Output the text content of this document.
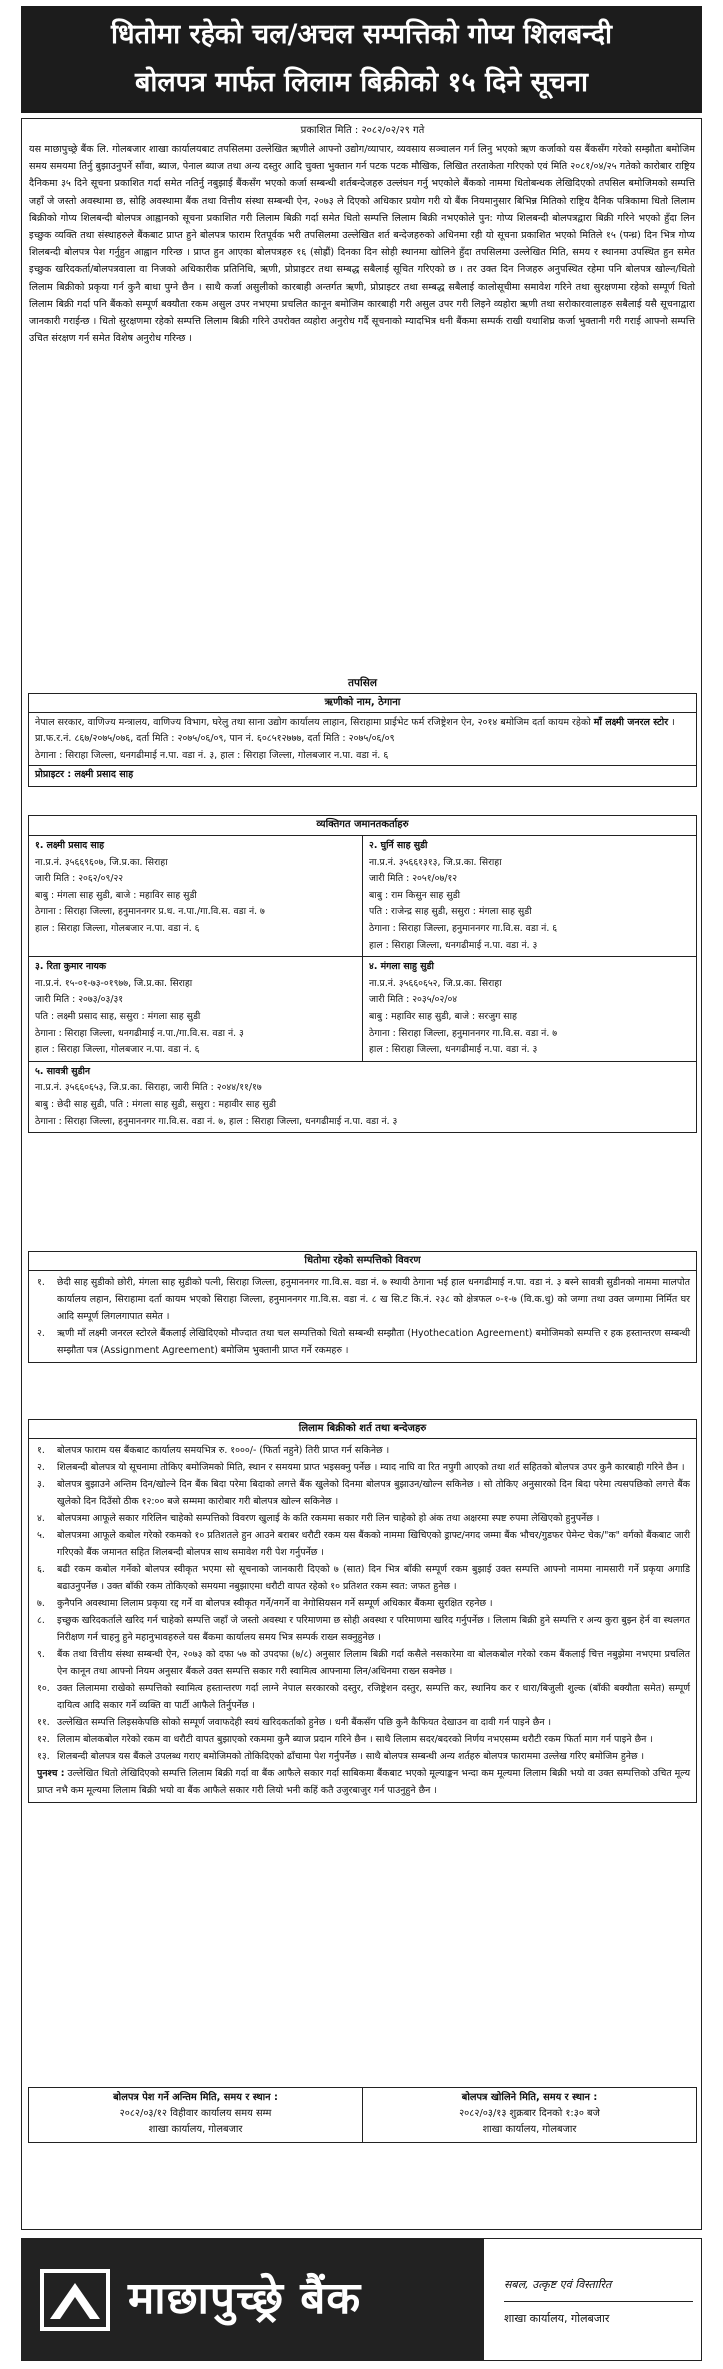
धितोमा रहेको चल/अचल सम्पत्तिको गोप्य शिलबन्दी
बोलपत्र मार्फत लिलाम बिक्रीको १५ दिने सूचना
प्रकाशित मिति : २०८२/०२/२९ गते
यस माछापुच्छ्रे बैंक लि. गोलबजार शाखा कार्यालयबाट तपसिलमा उल्लेखित ऋणीले आफ्नो उद्योग/व्यापार, व्यवसाय सञ्चालन गर्न लिनु भएको ऋण कर्जाको यस बैंकसँग गरेको सम्झौता बमोजिम समय समयमा तिर्नु बुझाउनुपर्ने साँवा, ब्याज, पेनाल ब्याज तथा अन्य दस्तुर आदि चुक्ता भुक्तान गर्न पटक पटक मौखिक, लिखित तरताकेता गरिएको एवं मिति २०८१/०४/२५ गतेको कारोबार राष्ट्रिय दैनिकमा ३५ दिने सूचना प्रकाशित गर्दा समेत नतिर्नु नबुझाई बैंकसँग भएको कर्जा सम्बन्धी शर्तबन्देजहरु उल्लंघन गर्नु भएकोले बैंकको नाममा धितोबन्धक लेखिदिएको तपसिल बमोजिमको सम्पत्ति जहाँ जे जस्तो अवस्थामा छ, सोहि अवस्थामा बैंक तथा वित्तीय संस्था सम्बन्धी ऐन, २०७३ ले दिएको अधिकार प्रयोग गरी यो बैंक नियमानुसार बिभिन्न मितिको राष्ट्रिय दैनिक पत्रिकामा धितो लिलाम बिक्रीको गोप्य शिलबन्दी बोलपत्र आह्वानको सूचना प्रकाशित गरी लिलाम बिक्री गर्दा समेत धितो सम्पत्ति लिलाम बिक्री नभएकोले पुन: गोप्य शिलबन्दी बोलपत्रद्वारा बिक्री गरिने भएको हुँदा लिन इच्छुक व्यक्ति तथा संस्थाहरुले बैंकबाट प्राप्त हुने बोलपत्र फाराम रितपूर्वक भरी तपसिलमा उल्लेखित शर्त बन्देजहरुको अधिनमा रही यो सूचना प्रकाशित भएको मितिले १५ (पन्ध्र) दिन भित्र गोप्य शिलबन्दी बोलपत्र पेश गर्नुहुन आह्वान गरिन्छ । प्राप्त हुन आएका बोलपत्रहरु १६ (सोह्रौं) दिनका दिन सोही स्थानमा खोलिने हुँदा तपसिलमा उल्लेखित मिति, समय र स्थानमा उपस्थित हुन समेत इच्छुक खरिदकर्ता/बोलपत्रवाला वा निजको अधिकारीक प्रतिनिधि, ऋणी, प्रोप्राइटर तथा सम्बद्ध सबैलाई सूचित गरिएको छ । तर उक्त दिन निजहरु अनुपस्थित रहेमा पनि बोलपत्र खोल्न/धितो लिलाम बिक्रीको प्रकृया गर्न कुनै बाधा पुग्ने छैन । साथै कर्जा असुलीको कारबाही अन्तर्गत ऋणी, प्रोप्राइटर तथा सम्बद्ध सबैलाई कालोसूचीमा समावेश गरिने तथा सुरक्षणमा रहेको सम्पूर्ण धितो लिलाम बिक्री गर्दा पनि बैंकको सम्पूर्ण बक्यौता रकम असुल उपर नभएमा प्रचलित कानून बमोजिम कारबाही गरी असुल उपर गरी लिइने व्यहोरा ऋणी तथा सरोकारवालाहरु सबैलाई यसै सूचनाद्वारा जानकारी गराईन्छ । धितो सुरक्षणमा रहेको सम्पत्ति लिलाम बिक्री गरिने उपरोक्त व्यहोरा अनुरोध गर्दै सूचनाको म्यादभित्र धनी बैंकमा सम्पर्क राखी यथाशिघ्र कर्जा भुक्तानी गरी गराई आफ्नो सम्पत्ति उचित संरक्षण गर्न समेत विशेष अनुरोध गरिन्छ ।
तपसिल
ऋणीको नाम, ठेगाना
नेपाल सरकार, वाणिज्य मन्त्रालय, वाणिज्य विभाग, घरेलु तथा साना उद्योग कार्यालय लाहान, सिराहामा प्राईभेट फर्म रजिष्ट्रेशन ऐन, २०१४ बमोजिम दर्ता कायम रहेको माँ लक्ष्मी जनरल स्टोर ।
प्रा.फ.र.नं. ८६७/२०७५/०७६, दर्ता मिति : २०७५/०६/०९, पान नं. ६०८५१२७७७, दर्ता मिति : २०७५/०६/०९
ठेगाना : सिराहा जिल्ला, धनगढीमाई न.पा. वडा नं. ३, हाल : सिराहा जिल्ला, गोलबजार न.पा. वडा नं. ६
प्रोप्राइटर : लक्ष्मी प्रसाद साह
व्यक्तिगत जमानतकर्ताहरु
१. लक्ष्मी प्रसाद साह
ना.प्र.नं. ३५६६९६०७, जि.प्र.का. सिराहा
जारी मिति : २०६२/०९/२२
बाबु : मंगला साह सुडी, बाजे : महाविर साह सुडी
ठेगाना : सिराहा जिल्ला, हनुमाननगर प्र.ध. न.पा./गा.वि.स. वडा नं. ७
हाल : सिराहा जिल्ला, गोलबजार न.पा. वडा नं. ६
२. घुर्नि साह सुडी
ना.प्र.नं. ३५६६१३१३, जि.प्र.का. सिराहा
जारी मिति : २०५१/०७/१२
बाबु : राम किसुन साह सुडी
पति : राजेन्द्र साह सुडी, ससुरा : मंगला साह सुडी
ठेगाना : सिराहा जिल्ला, हनुमाननगर गा.वि.स. वडा नं. ६
हाल : सिराहा जिल्ला, धनगढीमाई न.पा. वडा नं. ३
३. रिता कुमार नायक
ना.प्र.नं. १५-०१-७३-०१९७७, जि.प्र.का. सिराहा
जारी मिति : २०७३/०३/३१
पति : लक्ष्मी प्रसाद साह, ससुरा : मंगला साह सुडी
ठेगाना : सिराहा जिल्ला, धनगढीमाई न.पा./गा.वि.स. वडा नं. ३
हाल : सिराहा जिल्ला, गोलबजार न.पा. वडा नं. ६
४. मंगला साहु सुडी
ना.प्र.नं. ३५६६०६५२, जि.प्र.का. सिराहा
जारी मिति : २०३५/०२/०४
बाबु : महाविर साह सुडी, बाजे : सरजुग साह
ठेगाना : सिराहा जिल्ला, हनुमाननगर गा.वि.स. वडा नं. ७
हाल : सिराहा जिल्ला, धनगढीमाई न.पा. वडा नं. ३
५. सावत्री सुडीन
ना.प्र.नं. ३५६६०६५३, जि.प्र.का. सिराहा, जारी मिति : २०४४/११/१७
बाबु : छेदी साह सुडी, पति : मंगला साह सुडी, ससुरा : महावीर साह सुडी
ठेगाना : सिराहा जिल्ला, हनुमाननगर गा.वि.स. वडा नं. ७, हाल : सिराहा जिल्ला, धनगढीमाई न.पा. वडा नं. ३
धितोमा रहेको सम्पत्तिको विवरण
१.	छेदी साह सुडीको छोरी, मंगला साह सुडीको पत्नी, सिराहा जिल्ला, हनुमाननगर गा.वि.स. वडा नं. ७ स्थायी ठेगाना भई हाल धनगढीमाई न.पा. वडा नं. ३ बस्ने सावत्री सुडीनको नाममा मालपोत कार्यालय लहान, सिराहामा दर्ता कायम भएको सिराहा जिल्ला, हनुमाननगर गा.वि.स. वडा नं. ८ ख सि.ट कि.नं. २३८ को क्षेत्रफल ०-१-७ (वि.क.धु) को जग्गा तथा उक्त जग्गामा निर्मित घर आदि सम्पूर्ण लिगलगापात समेत ।
२.	ऋणी माँ लक्ष्मी जनरल स्टोरले बैंकलाई लेखिदिएको मौज्दात तथा चल सम्पत्तिको धितो सम्बन्धी सम्झौता (Hyothecation Agreement) बमोजिमको सम्पत्ति र हक हस्तान्तरण सम्बन्धी सम्झौता पत्र (Assignment Agreement) बमोजिम भुक्तानी प्राप्त गर्ने रकमहरु ।
लिलाम बिक्रीको शर्त तथा बन्देजहरु
१.	बोलपत्र फाराम यस बैंकबाट कार्यालय समयभित्र रु. १०००/- (फिर्ता नहुने) तिरी प्राप्त गर्न सकिनेछ ।
२.	शिलबन्दी बोलपत्र यो सूचनामा तोकिए बमोजिमको मिति, स्थान र समयमा प्राप्त भइसक्नु पर्नेछ । म्याद नाघि वा रित नपुगी आएको तथा शर्त सहितको बोलपत्र उपर कुनै कारबाही गरिने छैन ।
३.	बोलपत्र बुझाउने अन्तिम दिन/खोल्ने दिन बैंक बिदा परेमा बिदाको लगत्ते बैंक खुलेको दिनमा बोलपत्र बुझाउन/खोल्न सकिनेछ । सो तोकिए अनुसारको दिन बिदा परेमा त्यसपछिको लगत्ते बैंक खुलेको दिन दिउँसो ठीक १२:०० बजे सम्ममा कारोबार गरी बोलपत्र खोल्न सकिनेछ ।
४.	बोलपत्रमा आफूले सकार गरिलिन चाहेको सम्पत्तिको विवरण खुलाई के कति रकममा सकार गरी लिन चाहेको हो अंक तथा अक्षरमा स्पष्ट रुपमा लेखिएको हुनुपर्नेछ ।
५.	बोलपत्रमा आफूले कबोल गरेको रकमको १० प्रतिशतले हुन आउने बराबर धरौटी रकम यस बैंकको नाममा खिचिएको ड्राफ्ट/नगद जम्मा बैंक भौचर/गुडफर पेमेन्ट चेक/"क" वर्गको बैंकबाट जारी गरिएको बैंक जमानत सहित शिलबन्दी बोलपत्र साथ समावेश गरी पेश गर्नुपर्नेछ ।
६.	बढी रकम कबोल गर्नेको बोलपत्र स्वीकृत भएमा सो सूचनाको जानकारी दिएको ७ (सात) दिन भित्र बाँकी सम्पूर्ण रकम बुझाई उक्त सम्पत्ति आफ्नो नाममा नामसारी गर्ने प्रकृया अगाडि बढाउनुपर्नेछ । उक्त बाँकी रकम तोकिएको समयमा नबुझाएमा धरौटी वापत रहेको १० प्रतिशत रकम स्वत: जफत हुनेछ ।
७.	कुनैपनि अवस्थामा लिलाम प्रकृया रद्द गर्ने वा बोलपत्र स्वीकृत गर्ने/नगर्ने वा नेगोसियसन गर्ने सम्पूर्ण अधिकार बैंकमा सुरक्षित रहनेछ ।
८.	इच्छुक खरिदकर्ताले खरिद गर्न चाहेको सम्पत्ति जहाँ जे जस्तो अवस्था र परिमाणमा छ सोही अवस्था र परिमाणमा खरिद गर्नुपर्नेछ । लिलाम बिक्री हुने सम्पत्ति र अन्य कुरा बुझ्न हेर्न वा स्थलगत निरीक्षण गर्न चाहनु हुने महानुभावहरुले यस बैंकमा कार्यालय समय भित्र सम्पर्क राख्न सक्नुहुनेछ ।
९.	बैंक तथा वित्तीय संस्था सम्बन्धी ऐन, २०७३ को दफा ५७ को उपदफा (७/८) अनुसार लिलाम बिक्री गर्दा कसैले नसकारेमा वा बोलकबोल गरेको रकम बैंकलाई चित्त नबुझेमा नभएमा प्रचलित ऐन कानून तथा आफ्नो नियम अनुसार बैंकले उक्त सम्पत्ति सकार गरी स्वामित्व आफ्नामा लिन/अधिनमा राख्न सक्नेछ ।
१०. उक्त लिलाममा राखेको सम्पत्तिको स्वामित्व हस्तान्तरण गर्दा लाग्ने नेपाल सरकारको दस्तुर, रजिष्ट्रेशन दस्तुर, सम्पत्ति कर, स्थानिय कर र धारा/बिजुली शुल्क (बाँकी बक्यौता समेत) सम्पूर्ण दायित्व आदि सकार गर्ने व्यक्ति वा पार्टी आफैले तिर्नुपर्नेछ ।
११. उल्लेखित सम्पत्ति लिइसकेपछि सोको सम्पूर्ण जवाफदेही स्वयं खरिदकर्ताको हुनेछ । धनी बैंकसँग पछि कुनै कैफियत देखाउन वा दावी गर्न पाइने छैन ।
१२. लिलाम बोलकबोल गरेको रकम वा धरौटी वापत बुझाएको रकममा कुनै ब्याज प्रदान गरिने छैन । साथै लिलाम सदर/बदरको निर्णय नभएसम्म धरौटी रकम फिर्ता माग गर्न पाइने छैन ।
१३. शिलबन्दी बोलपत्र यस बैंकले उपलब्ध गराए बमोजिमको तोकिदिएको ढाँचामा पेश गर्नुपर्नेछ । साथै बोलपत्र सम्बन्धी अन्य शर्तहरु बोलपत्र फाराममा उल्लेख गरिए बमोजिम हुनेछ ।
पुनश्च : उल्लेखित धितो लेखिदिएको सम्पत्ति लिलाम बिक्री गर्दा वा बैंक आफैले सकार गर्दा साबिकमा बैंकबाट भएको मूल्याङ्कन भन्दा कम मूल्यमा लिलाम बिक्री भयो वा उक्त सम्पत्तिको उचित मूल्य प्राप्त नभै कम मूल्यमा लिलाम बिक्री भयो वा बैंक आफैले सकार गरी लियो भनी कहिं कतै उजुरबाजुर गर्न पाउनुहुने छैन ।
बोलपत्र पेश गर्ने अन्तिम मिति, समय र स्थान :
२०८२/०३/१२ विहीवार कार्यालय समय सम्म
शाखा कार्यालय, गोलबजार
बोलपत्र खोलिने मिति, समय र स्थान :
२०८२/०३/१३ शुक्रबार दिनको १:३० बजे
शाखा कार्यालय, गोलबजार
माछापुच्छ्रे बैंक	सबल, उत्कृष्ट एवं विस्तारित
शाखा कार्यालय, गोलबजार
